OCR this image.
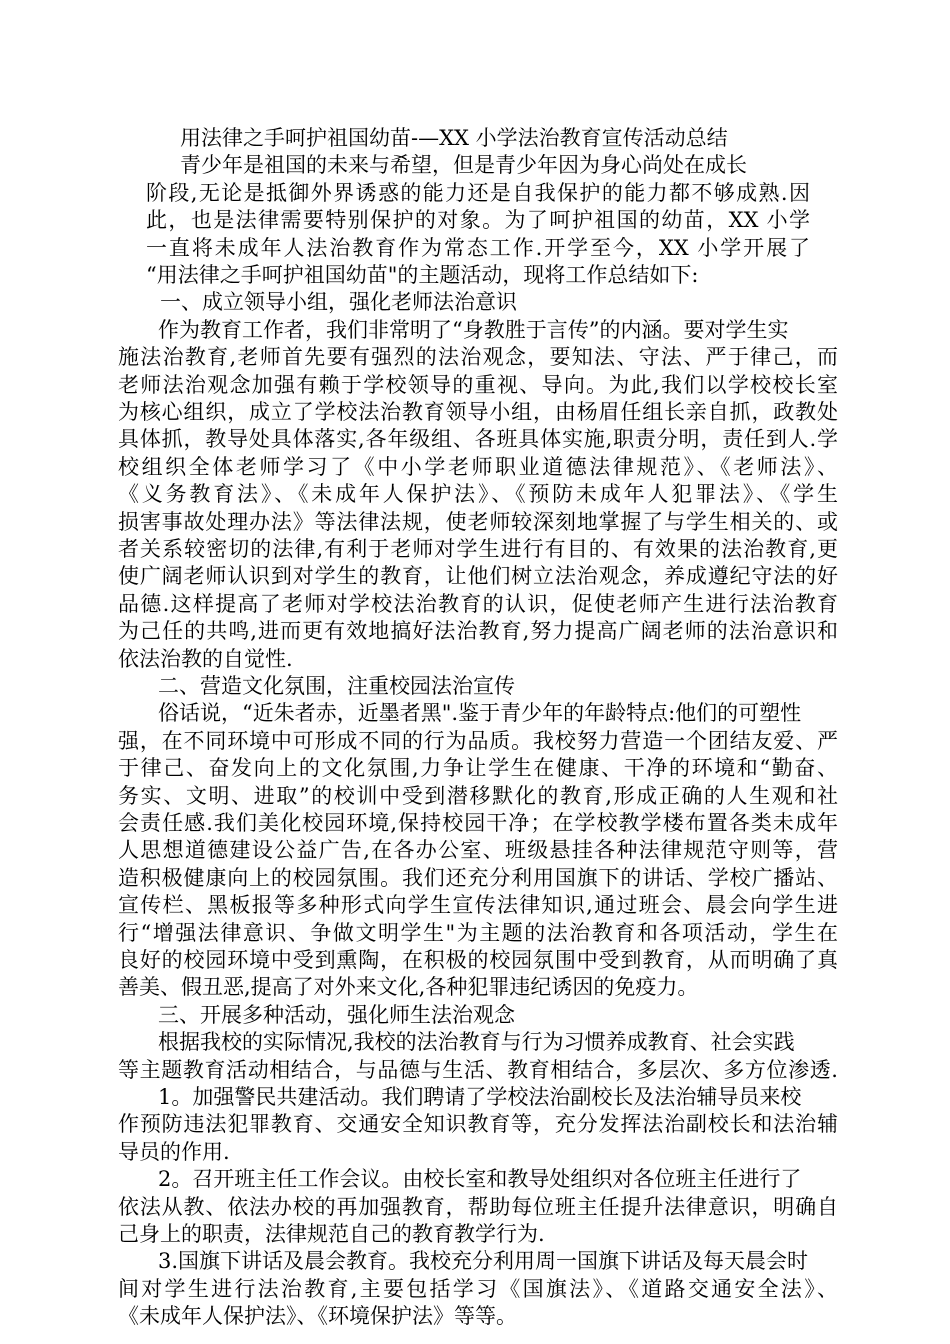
用法律之手呵护祖国幼苗-—XX 小学法治教育宣传活动总结
青少年是祖国的未来与希望，但是青少年因为身心尚处在成长
阶段,无论是抵御外界诱惑的能力还是自我保护的能力都不够成熟.因
此，也是法律需要特别保护的对象。为了呵护祖国的幼苗，XX 小学
一直将未成年人法治教育作为常态工作.开学至今，XX 小学开展了
“用法律之手呵护祖国幼苗"的主题活动，现将工作总结如下:
一、成立领导小组，强化老师法治意识
作为教育工作者，我们非常明了“身教胜于言传”的内涵。要对学生实
施法治教育,老师首先要有强烈的法治观念，要知法、守法、严于律己，而
老师法治观念加强有赖于学校领导的重视、导向。为此,我们以学校校长室
为核心组织，成立了学校法治教育领导小组，由杨眉任组长亲自抓，政教处
具体抓，教导处具体落实,各年级组、各班具体实施,职责分明，责任到人.学
校组织全体老师学习了《中小学老师职业道德法律规范》、《老师法》、
《义务教育法》、《未成年人保护法》、《预防未成年人犯罪法》、《学生
损害事故处理办法》等法律法规，使老师较深刻地掌握了与学生相关的、或
者关系较密切的法律,有利于老师对学生进行有目的、有效果的法治教育,更
使广阔老师认识到对学生的教育，让他们树立法治观念，养成遵纪守法的好
品德.这样提高了老师对学校法治教育的认识，促使老师产生进行法治教育
为己任的共鸣,进而更有效地搞好法治教育,努力提高广阔老师的法治意识和
依法治教的自觉性.
二、营造文化氛围，注重校园法治宣传
俗话说，“近朱者赤，近墨者黑".鉴于青少年的年龄特点:他们的可塑性
强，在不同环境中可形成不同的行为品质。我校努力营造一个团结友爱、严
于律己、奋发向上的文化氛围,力争让学生在健康、干净的环境和“勤奋、
务实、文明、进取”的校训中受到潜移默化的教育,形成正确的人生观和社
会责任感.我们美化校园环境,保持校园干净；在学校教学楼布置各类未成年
人思想道德建设公益广告,在各办公室、班级悬挂各种法律规范守则等，营
造积极健康向上的校园氛围。我们还充分利用国旗下的讲话、学校广播站、
宣传栏、黑板报等多种形式向学生宣传法律知识,通过班会、晨会向学生进
行“增强法律意识、争做文明学生"为主题的法治教育和各项活动，学生在
良好的校园环境中受到熏陶，在积极的校园氛围中受到教育，从而明确了真
善美、假丑恶,提高了对外来文化,各种犯罪违纪诱因的免疫力。
三、开展多种活动，强化师生法治观念
根据我校的实际情况,我校的法治教育与行为习惯养成教育、社会实践
等主题教育活动相结合，与品德与生活、教育相结合，多层次、多方位渗透.
1。加强警民共建活动。我们聘请了学校法治副校长及法治辅导员来校
作预防违法犯罪教育、交通安全知识教育等，充分发挥法治副校长和法治辅
导员的作用.
2。召开班主任工作会议。由校长室和教导处组织对各位班主任进行了
依法从教、依法办校的再加强教育，帮助每位班主任提升法律意识，明确自
己身上的职责，法律规范自己的教育教学行为.
3.国旗下讲话及晨会教育。我校充分利用周一国旗下讲话及每天晨会时
间对学生进行法治教育,主要包括学习《国旗法》、《道路交通安全法》、
《未成年人保护法》、《环境保护法》等等。
